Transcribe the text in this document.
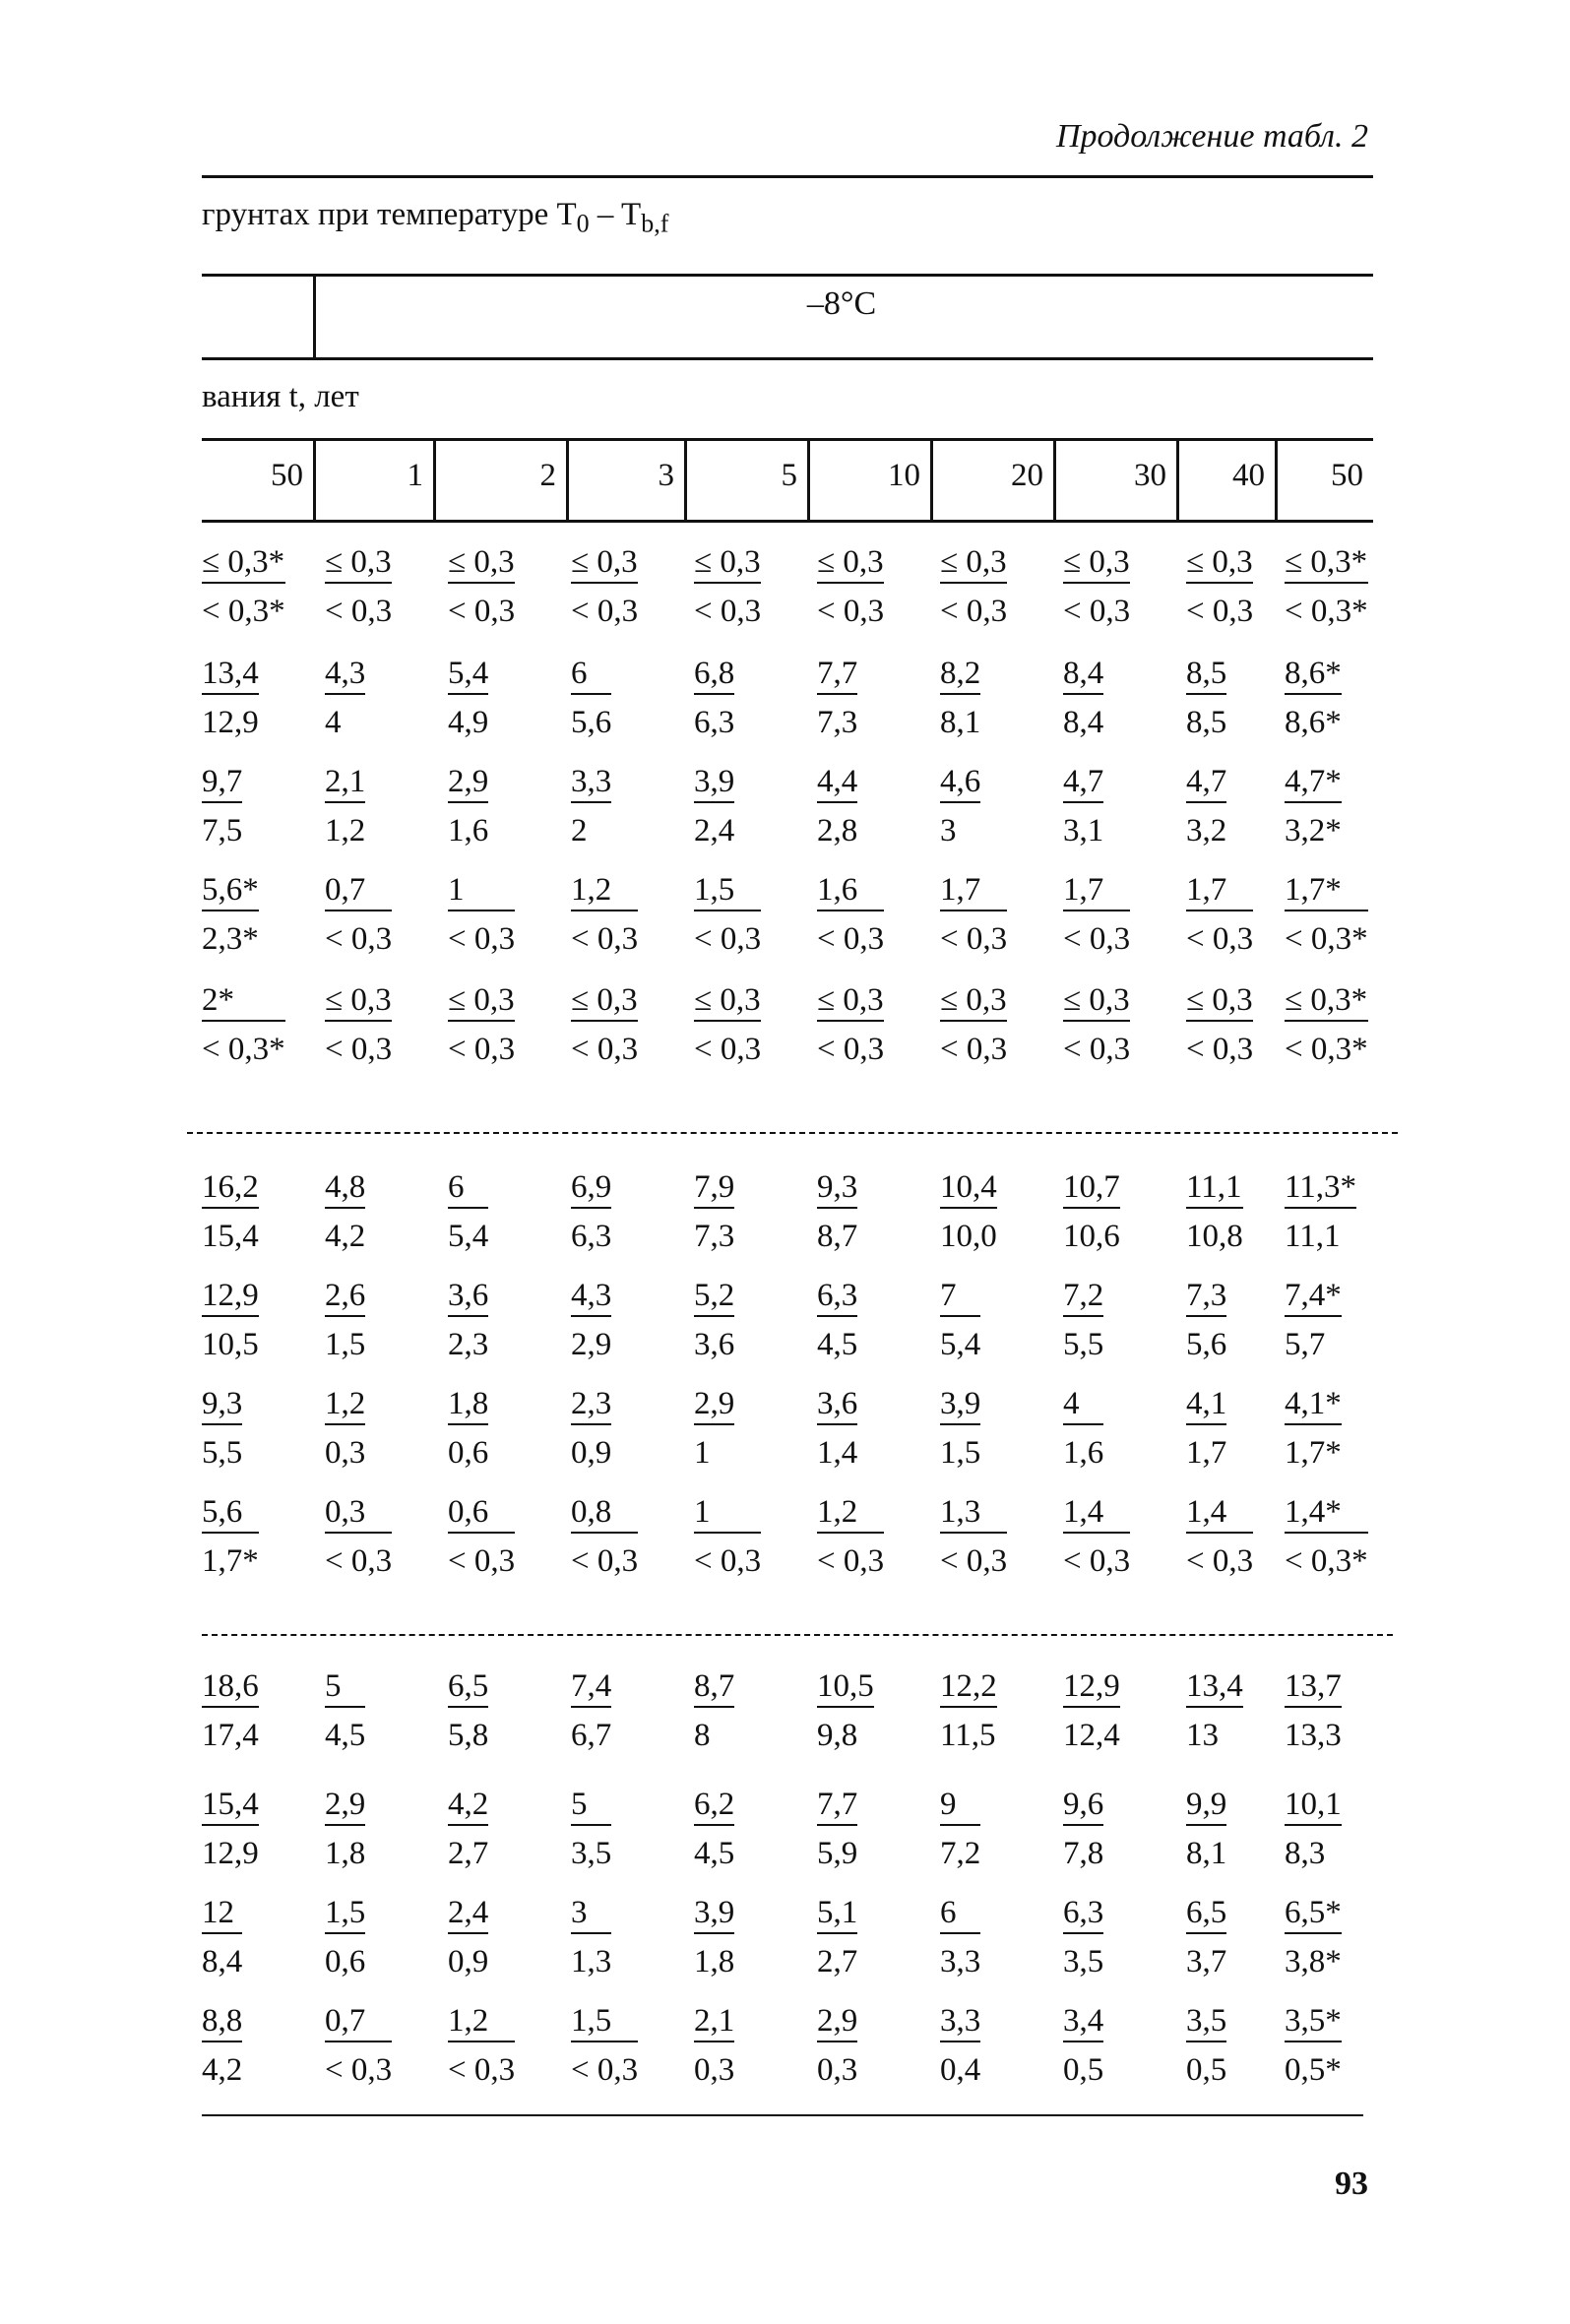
Продолжение табл. 2
грунтах при температуре $T_0 - T_{b,f}$
–8°C
вания t, лет
50	1	2	3	5	10	20	30	40	50
$\frac{\le 0,3*}{< 0,3*} \frac{\le 0,3}{< 0,3} \frac{\le 0,3}{< 0,3} \frac{\le 0,3}{< 0,3} \frac{\le 0,3}{< 0,3} \frac{\le 0,3}{< 0,3} \frac{\le 0,3}{< 0,3} \frac{\le 0,3}{< 0,3} \frac{\le 0,3}{< 0,3} \frac{\le 0,3*}{< 0,3*}$
$\frac{13,4}{12,9} \frac{4,3}{4}$	$\frac{5,4}{4,9}$	$\frac{6}{5,6}$	$\frac{6,8}{6,3}$	$\frac{7,7}{7,3}$	$\frac{8,2}{8,1}$	$\frac{8,4}{8,4}$	$\frac{8,5}{8,5} \frac{8,6*}{8,6*}$
$\frac{9,7}{7,5}$	$\frac{2,1}{1,2}$	$\frac{2,9}{1,6}$	$\frac{3,3}{2}$	$\frac{3,9}{2,4}$	$\frac{4,4}{2,8}$	$\frac{4,6}{3}$	$\frac{4,7}{3,1}$	$\frac{4,7}{3,2} \frac{4,7*}{3,2*}$
$\frac{5,6*}{2,3*} \frac{0,7}{< 0,3} \frac{1}{< 0,3} \frac{1,2}{< 0,3} \frac{1,5}{< 0,3} \frac{1,6}{< 0,3} \frac{1,7}{< 0,3} \frac{1,7}{< 0,3} \frac{1,7}{< 0,3} \frac{1,7*}{< 0,3*}$
$\frac{2*}{< 0,3*} \frac{\le 0,3}{< 0,3} \frac{\le 0,3}{< 0,3} \frac{\le 0,3}{< 0,3} \frac{\le 0,3}{< 0,3} \frac{\le 0,3}{< 0,3} \frac{\le 0,3}{< 0,3} \frac{\le 0,3}{< 0,3} \frac{\le 0,3}{< 0,3} \frac{\le 0,3*}{< 0,3*}$
$\frac{16,2}{15,4} \frac{4,8}{4,2}$	$\frac{6}{5,4}$	$\frac{6,9}{6,3}$	$\frac{7,9}{7,3}$	$\frac{9,3}{8,7}$	$\frac{10,4}{10,0} \frac{10,7}{10,6} \frac{11,1}{10,8} \frac{11,3*}{11,1}$
$\frac{12,9}{10,5} \frac{2,6}{1,5}$	$\frac{3,6}{2,3}$	$\frac{4,3}{2,9}$	$\frac{5,2}{3,6}$	$\frac{6,3}{4,5}$	$\frac{7}{5,4}$	$\frac{7,2}{5,5}$	$\frac{7,3}{5,6} \frac{7,4*}{5,7}$
$\frac{9,3}{5,5}$	$\frac{1,2}{0,3}$	$\frac{1,8}{0,6}$	$\frac{2,3}{0,9}$	$\frac{2,9}{1}$	$\frac{3,6}{1,4}$	$\frac{3,9}{1,5}$	$\frac{4}{1,6}$	$\frac{4,1}{1,7} \frac{4,1*}{1,7*}$
$\frac{5,6}{1,7*} \frac{0,3}{< 0,3} \frac{0,6}{< 0,3} \frac{0,8}{< 0,3} \frac{1}{< 0,3} \frac{1,2}{< 0,3} \frac{1,3}{< 0,3} \frac{1,4}{< 0,3} \frac{1,4}{< 0,3} \frac{1,4*}{< 0,3*}$
$\frac{18,6}{17,4} \frac{5}{4,5}$	$\frac{6,5}{5,8}$	$\frac{7,4}{6,7}$	$\frac{8,7}{8}$	$\frac{10,5}{9,8} \frac{12,2}{11,5} \frac{12,9}{12,4} \frac{13,4}{13} \frac{13,7}{13,3}$
$\frac{15,4}{12,9} \frac{2,9}{1,8}$	$\frac{4,2}{2,7}$	$\frac{5}{3,5}$	$\frac{6,2}{4,5}$	$\frac{7,7}{5,9}$	$\frac{9}{7,2}$	$\frac{9,6}{7,8}$	$\frac{9,9}{8,1} \frac{10,1}{8,3}$
$\frac{12}{8,4}$	$\frac{1,5}{0,6}$	$\frac{2,4}{0,9}$	$\frac{3}{1,3}$	$\frac{3,9}{1,8}$	$\frac{5,1}{2,7}$	$\frac{6}{3,3}$	$\frac{6,3}{3,5}$	$\frac{6,5}{3,7} \frac{6,5*}{3,8*}$
$\frac{8,8}{4,2}$	$\frac{0,7}{< 0,3} \frac{1,2}{< 0,3} \frac{1,5}{< 0,3} \frac{2,1}{0,3}$	$\frac{2,9}{0,3}$	$\frac{3,3}{0,4}$	$\frac{3,4}{0,5}$	$\frac{3,5}{0,5} \frac{3,5*}{0,5*}$
93
